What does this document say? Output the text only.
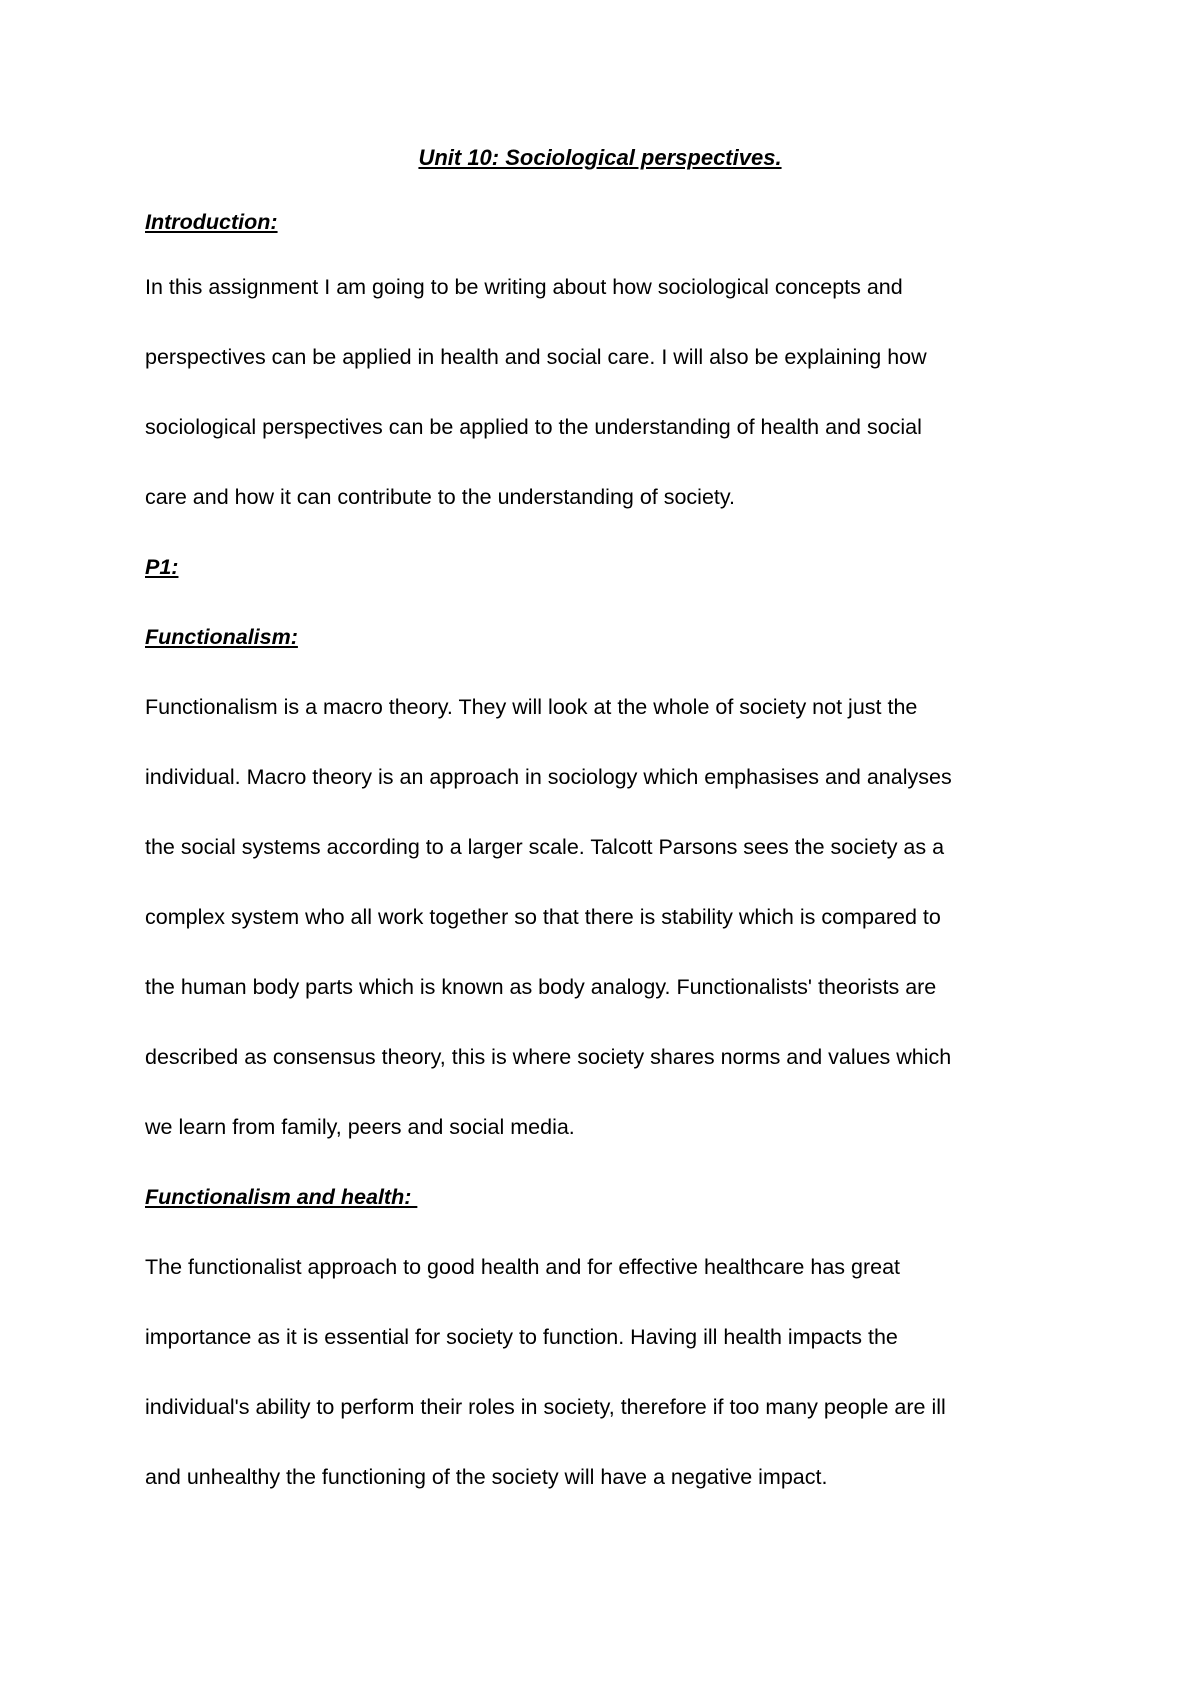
Unit 10: Sociological perspectives.
Introduction:
In this assignment I am going to be writing about how sociological concepts and
perspectives can be applied in health and social care. I will also be explaining how
sociological perspectives can be applied to the understanding of health and social
care and how it can contribute to the understanding of society.
P1:
Functionalism:
Functionalism is a macro theory. They will look at the whole of society not just the
individual. Macro theory is an approach in sociology which emphasises and analyses
the social systems according to a larger scale. Talcott Parsons sees the society as a
complex system who all work together so that there is stability which is compared to
the human body parts which is known as body analogy. Functionalists' theorists are
described as consensus theory, this is where society shares norms and values which
we learn from family, peers and social media.
Functionalism and health:
The functionalist approach to good health and for effective healthcare has great
importance as it is essential for society to function. Having ill health impacts the
individual's ability to perform their roles in society, therefore if too many people are ill
and unhealthy the functioning of the society will have a negative impact.
